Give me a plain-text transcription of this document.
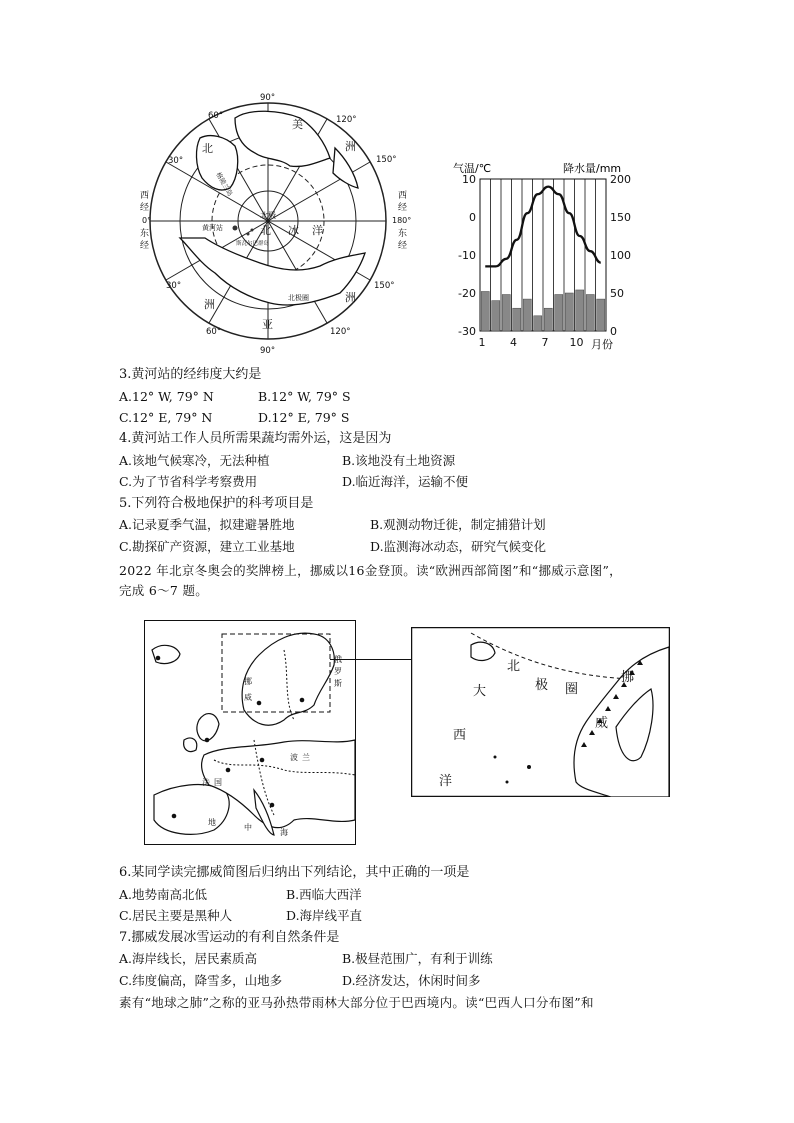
90°
120°
150°
150°
120°
90°
60°
30°
30°
60°
西
经
0°
东
经
西
经
180°
东
经
北极
北 冰 洋
黄河站
格陵兰岛
斯瓦尔巴群岛
北极圈
美
洲
北
洲
亚
洲
10
0
-10
-20
-30
200
150
100
50
0
1 4 7 10
气温/℃	降水量/mm
月份
3.黄河站的经纬度大约是
A.12° W, 79° N	B.12° W, 79° S
C.12° E, 79° N	D.12° E, 79° S
4.黄河站工作人员所需果蔬均需外运，这是因为
A.该地气候寒冷，无法种植	B.该地没有土地资源
C.为了节省科学考察费用	D.临近海洋，运输不便
5.下列符合极地保护的科考项目是
A.记录夏季气温，拟建避暑胜地	B.观测动物迁徙，制定捕猎计划
C.勘探矿产资源，建立工业基地	D.监测海冰动态，研究气候变化
2022 年北京冬奥会的奖牌榜上，挪威以16金登顶。读“欧洲西部简图”和“挪威示意图”，
完成 6～7 题。
挪
威
罗
斯
波 兰
法 国
地
中
海
北
极 圈
大
西
洋
挪
威
6.某同学读完挪威简图后归纳出下列结论，其中正确的一项是
A.地势南高北低	B.西临大西洋
C.居民主要是黑种人	D.海岸线平直
7.挪威发展冰雪运动的有利自然条件是
A.海岸线长，居民素质高	B.极昼范围广，有利于训练
C.纬度偏高，降雪多，山地多	D.经济发达，休闲时间多
素有“地球之肺”之称的亚马孙热带雨林大部分位于巴西境内。读“巴西人口分布图”和
